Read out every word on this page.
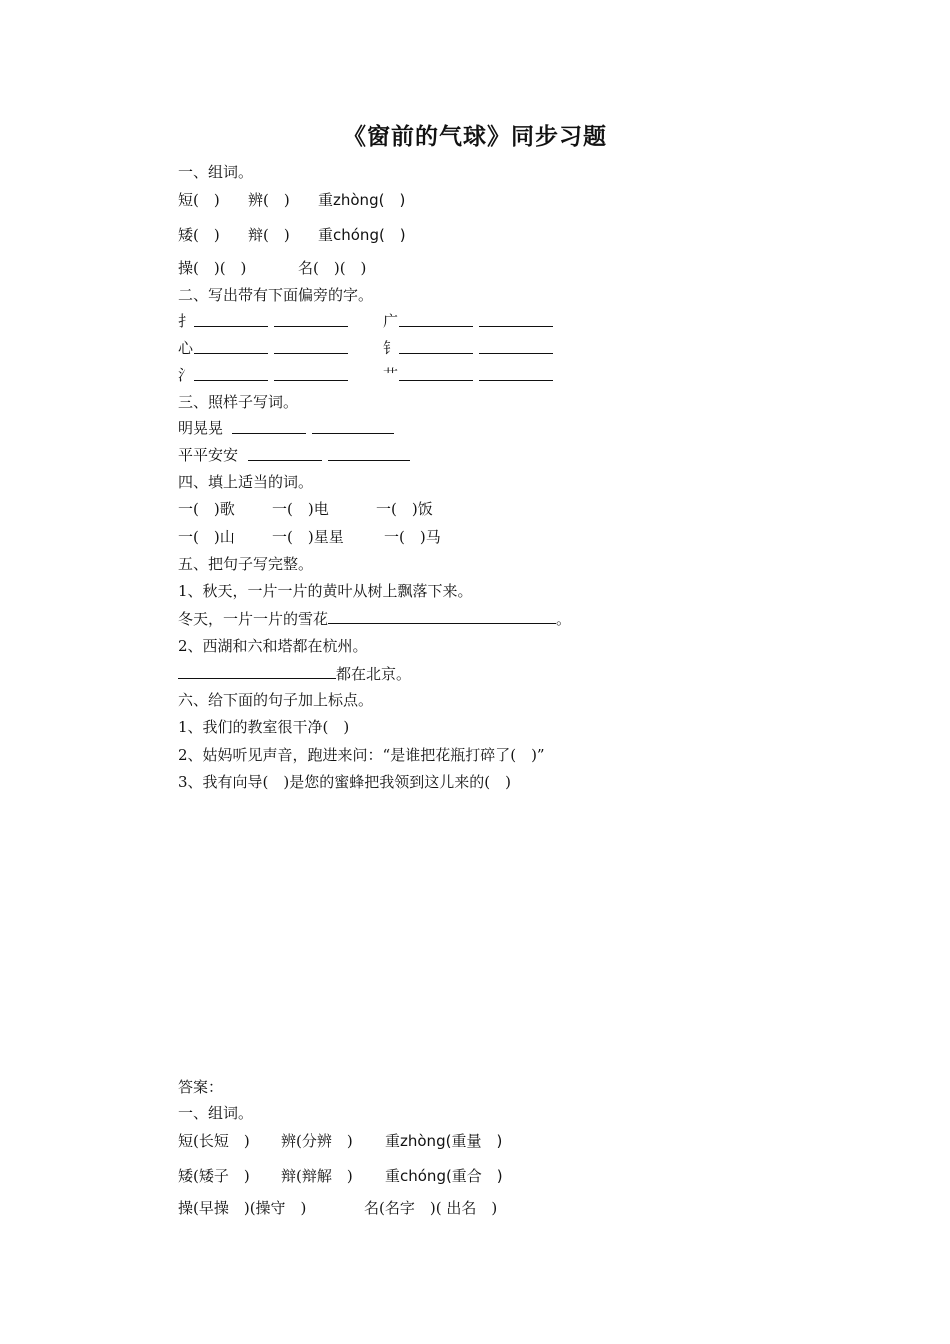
《窗前的气球》同步习题
一、组词。
短(　) 辨(　) 重zhòng(　)
矮(　) 辩(　) 重chóng(　)
操(　)(　)	名(　)(　)
二、写出带有下面偏旁的字。
扌	广
心	钅
氵	艹
三、照样子写词。
明晃晃
平平安安
四、填上适当的词。
一(　)歌 一(　)电	一(　)饭
一(　)山 一(　)星星	一(　)马
五、把句子写完整。
1、秋天，一片一片的黄叶从树上飘落下来。
冬天，一片一片的雪花	。
2、西湖和六和塔都在杭州。
都在北京。
六、给下面的句子加上标点。
1、我们的教室很干净(　)
2、姑妈听见声音，跑进来问：“是谁把花瓶打碎了(　)”
3、我有向导(　)是您的蜜蜂把我领到这儿来的(　)
答案：
一、组词。
短(长短　) 辨(分辨　) 重zhòng(重量　)
矮(矮子　) 辩(辩解　) 重chóng(重合　)
操(早操　)(操守　)	名(名字　)( 出名　)
